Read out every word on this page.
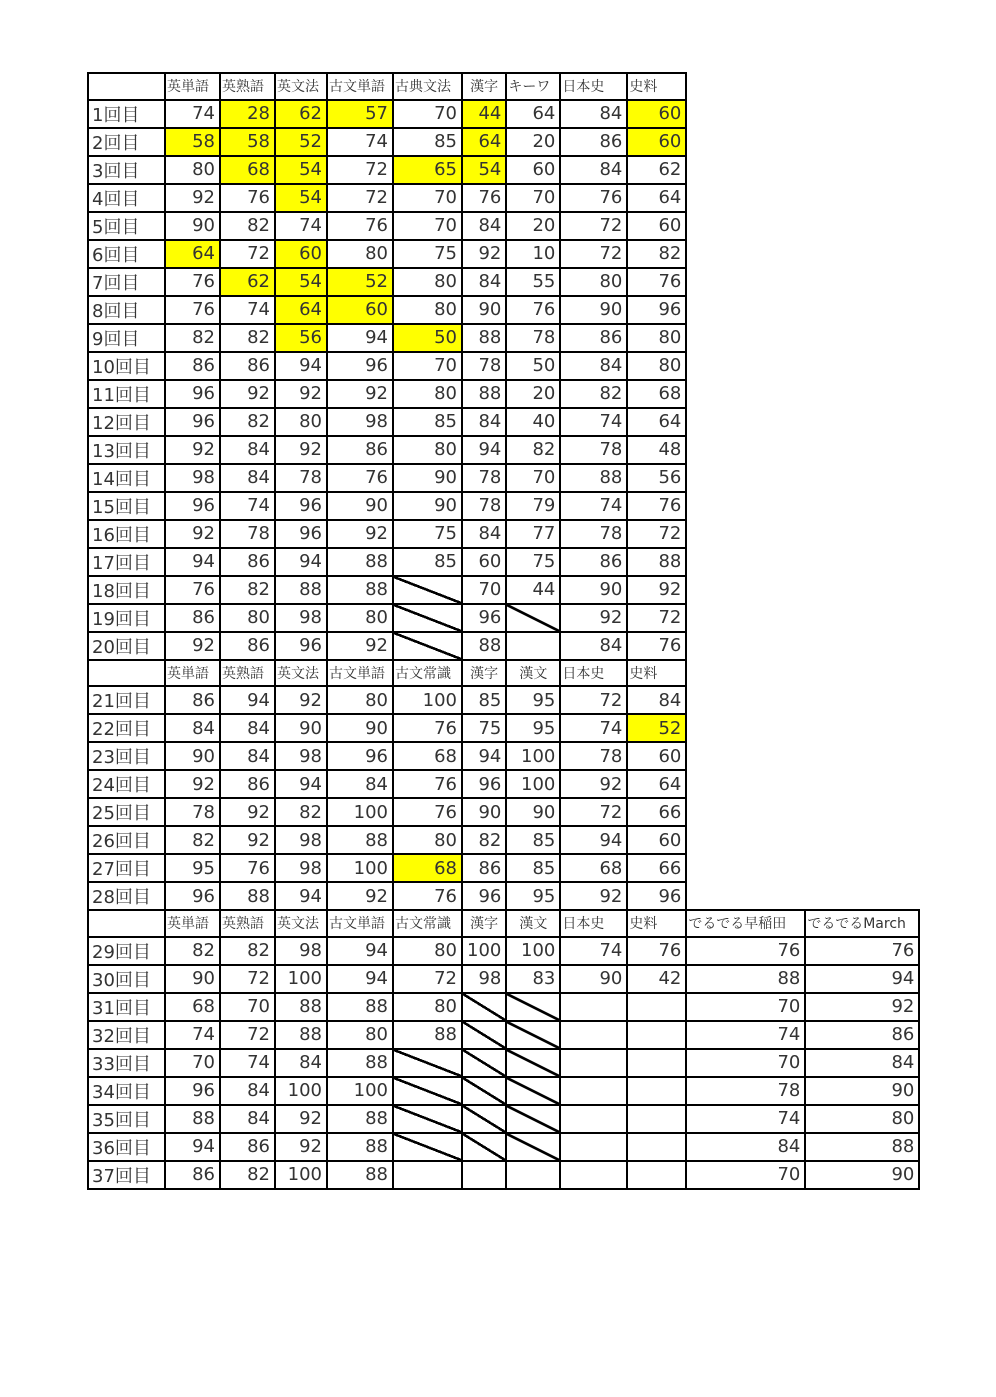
	英単語	英熟語	英文法	古文単語	古典文法	漢字	キーワ	日本史	史料		
1回目	74	28	62	57	70	44	64	84	60		
2回目	58	58	52	74	85	64	20	86	60		
3回目	80	68	54	72	65	54	60	84	62		
4回目	92	76	54	72	70	76	70	76	64		
5回目	90	82	74	76	70	84	20	72	60		
6回目	64	72	60	80	75	92	10	72	82		
7回目	76	62	54	52	80	84	55	80	76		
8回目	76	74	64	60	80	90	76	90	96		
9回目	82	82	56	94	50	88	78	86	80		
10回目	86	86	94	96	70	78	50	84	80		
11回目	96	92	92	92	80	88	20	82	68		
12回目	96	82	80	98	85	84	40	74	64		
13回目	92	84	92	86	80	94	82	78	48		
14回目	98	84	78	76	90	78	70	88	56		
15回目	96	74	96	90	90	78	79	74	76		
16回目	92	78	96	92	75	84	77	78	72		
17回目	94	86	94	88	85	60	75	86	88		
18回目	76	82	88	88		70	44	90	92		
19回目	86	80	98	80		96		92	72		
20回目	92	86	96	92		88		84	76		
	英単語	英熟語	英文法	古文単語	古文常識	漢字	漢文	日本史	史料		
21回目	86	94	92	80	100	85	95	72	84		
22回目	84	84	90	90	76	75	95	74	52		
23回目	90	84	98	96	68	94	100	78	60		
24回目	92	86	94	84	76	96	100	92	64		
25回目	78	92	82	100	76	90	90	72	66		
26回目	82	92	98	88	80	82	85	94	60		
27回目	95	76	98	100	68	86	85	68	66		
28回目	96	88	94	92	76	96	95	92	96		
	英単語	英熟語	英文法	古文単語	古文常識	漢字	漢文	日本史	史料	でるでる早稲田	でるでるMarch
29回目	82	82	98	94	80	100	100	74	76	76	76
30回目	90	72	100	94	72	98	83	90	42	88	94
31回目	68	70	88	88	80					70	92
32回目	74	72	88	80	88					74	86
33回目	70	74	84	88						70	84
34回目	96	84	100	100						78	90
35回目	88	84	92	88						74	80
36回目	94	86	92	88						84	88
37回目	86	82	100	88						70	90
